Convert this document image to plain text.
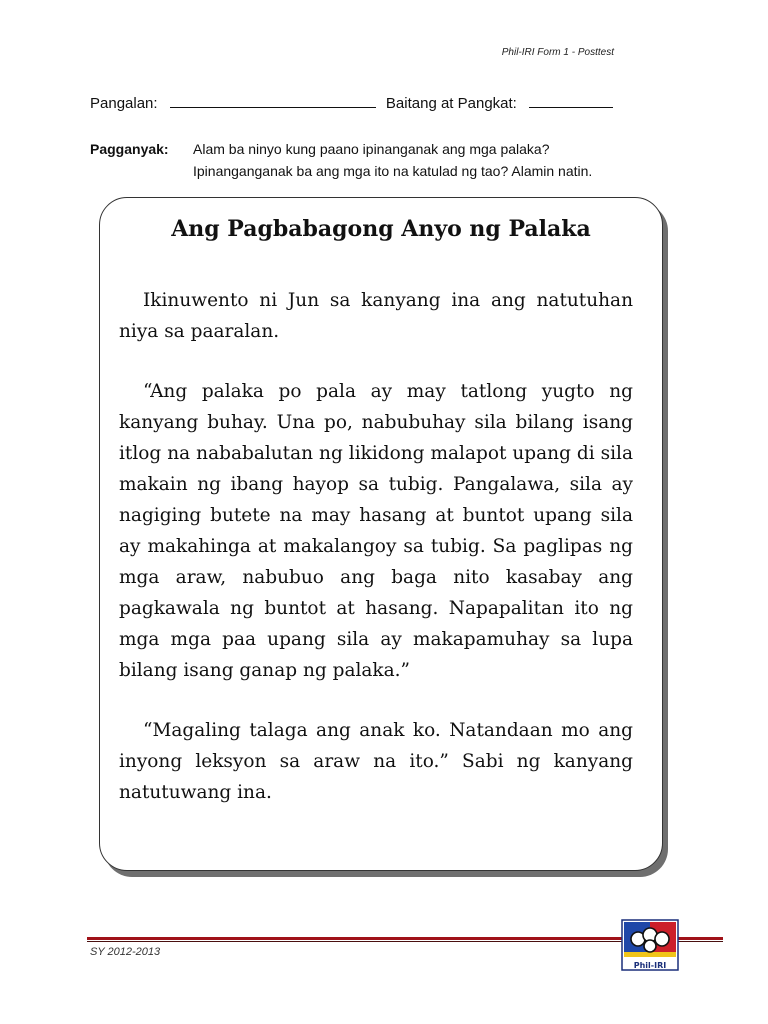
Phil-IRI Form 1 - Posttest
Pangalan:	Baitang at Pangkat:
Pagganyak: Alam ba ninyo kung paano ipinanganak ang mga palaka?
Ipinanganganak ba ang mga ito na katulad ng tao? Alamin natin.
Ang Pagbabagong Anyo ng Palaka

Ikinuwento ni Jun sa kanyang ina ang natutuhan niya sa paaralan.

“Ang palaka po pala ay may tatlong yugto ng kanyang buhay. Una po, nabubuhay sila bilang isang itlog na nababalutan ng likidong malapot upang di sila makain ng ibang hayop sa tubig. Pangalawa, sila ay nagiging butete na may hasang at buntot upang sila ay makahinga at makalangoy sa tubig. Sa paglipas ng mga araw, nabubuo ang baga nito kasabay ang pagkawala ng buntot at hasang. Napapalitan ito ng mga mga paa upang sila ay makapamuhay sa lupa bilang isang ganap ng palaka.”

“Magaling talaga ang anak ko. Natandaan mo ang inyong leksyon sa araw na ito.” Sabi ng kanyang natutuwang ina.

SY 2012-2013
Phil-IRI
